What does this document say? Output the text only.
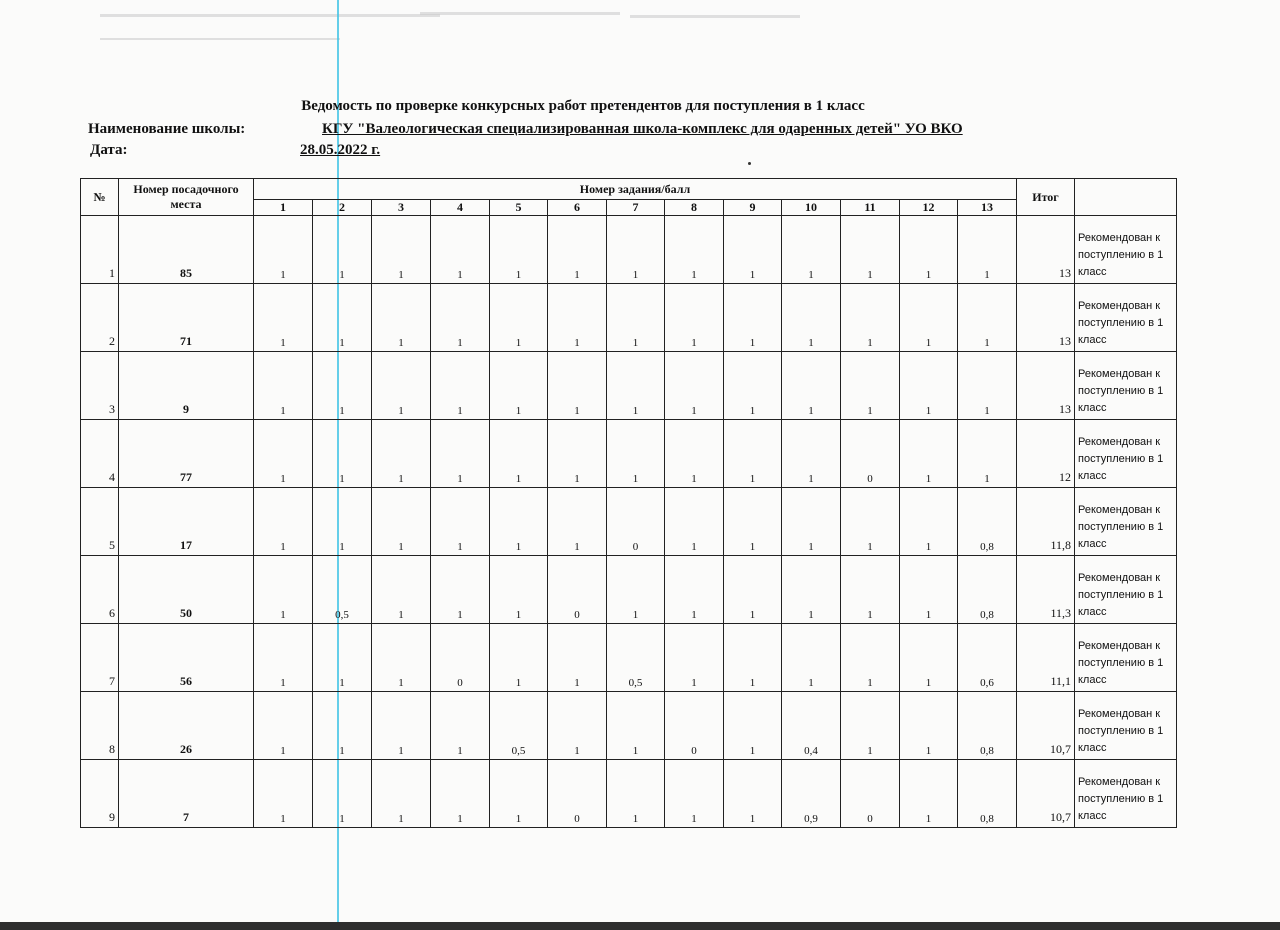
Ведомость по проверке конкурсных работ претендентов для поступления в 1 класс
Наименование школы:	КГУ "Валеологическая специализированная школа-комплекс для одаренных детей" УО ВКО
Дата:	28.05.2022 г.
№	Номер посадочного места	Номер задания/балл													Итог	
		1	2	3	4	5	6	7	8	9	10	11	12	13		
1	85	1	1	1	1	1	1	1	1	1	1	1	1	1	13	Рекомендован к поступлению в 1 класс
2	71	1	1	1	1	1	1	1	1	1	1	1	1	1	13	Рекомендован к поступлению в 1 класс
3	9	1	1	1	1	1	1	1	1	1	1	1	1	1	13	Рекомендован к поступлению в 1 класс
4	77	1	1	1	1	1	1	1	1	1	1	0	1	1	12	Рекомендован к поступлению в 1 класс
5	17	1	1	1	1	1	1	0	1	1	1	1	1	0,8	11,8	Рекомендован к поступлению в 1 класс
6	50	1	0,5	1	1	1	0	1	1	1	1	1	1	0,8	11,3	Рекомендован к поступлению в 1 класс
7	56	1	1	1	0	1	1	0,5	1	1	1	1	1	0,6	11,1	Рекомендован к поступлению в 1 класс
8	26	1	1	1	1	0,5	1	1	0	1	0,4	1	1	0,8	10,7	Рекомендован к поступлению в 1 класс
9	7	1	1	1	1	1	0	1	1	1	0,9	0	1	0,8	10,7	Рекомендован к поступлению в 1 класс
